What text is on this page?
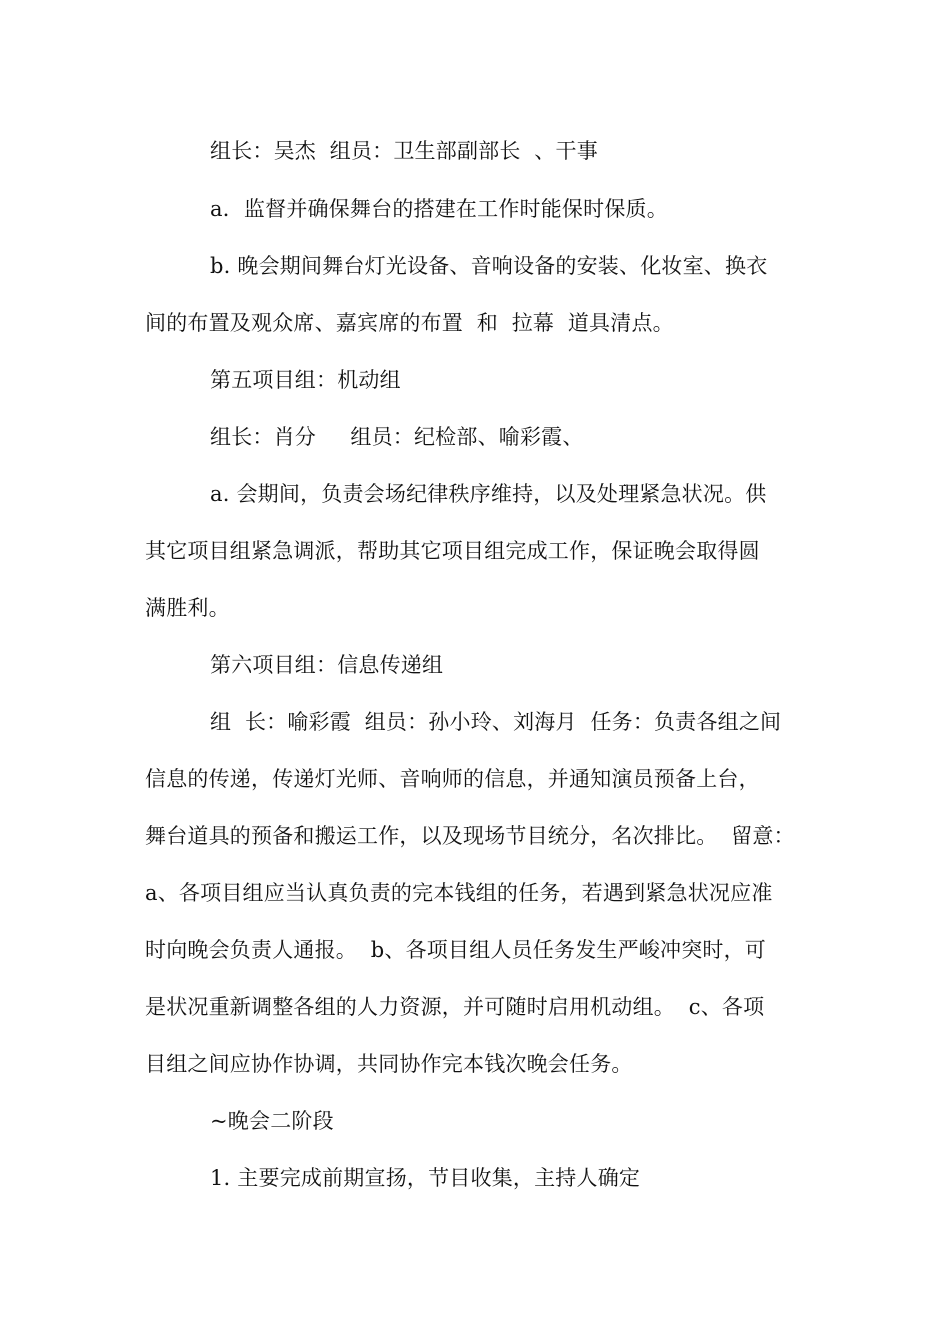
组长：吴杰  组员：卫生部副部长  、干事
a．监督并确保舞台的搭建在工作时能保时保质。
b. 晚会期间舞台灯光设备、音响设备的安装、化妆室、换衣
间的布置及观众席、嘉宾席的布置  和  拉幕  道具清点。
第五项目组：机动组
组长：肖分     组员：纪检部、喻彩霞、
a. 会期间，负责会场纪律秩序维持，以及处理紧急状况。供
其它项目组紧急调派，帮助其它项目组完成工作，保证晚会取得圆
满胜利。
第六项目组：信息传递组
组  长：喻彩霞  组员：孙小玲、刘海月  任务：负责各组之间
信息的传递，传递灯光师、音响师的信息，并通知演员预备上台，
舞台道具的预备和搬运工作，以及现场节目统分，名次排比。  留意：
a、各项目组应当认真负责的完本钱组的任务，若遇到紧急状况应准
时向晚会负责人通报。  b、各项目组人员任务发生严峻冲突时，可
是状况重新调整各组的人力资源，并可随时启用机动组。  c、各项
目组之间应协作协调，共同协作完本钱次晚会任务。
~晚会二阶段
1. 主要完成前期宣扬，节目收集，主持人确定
